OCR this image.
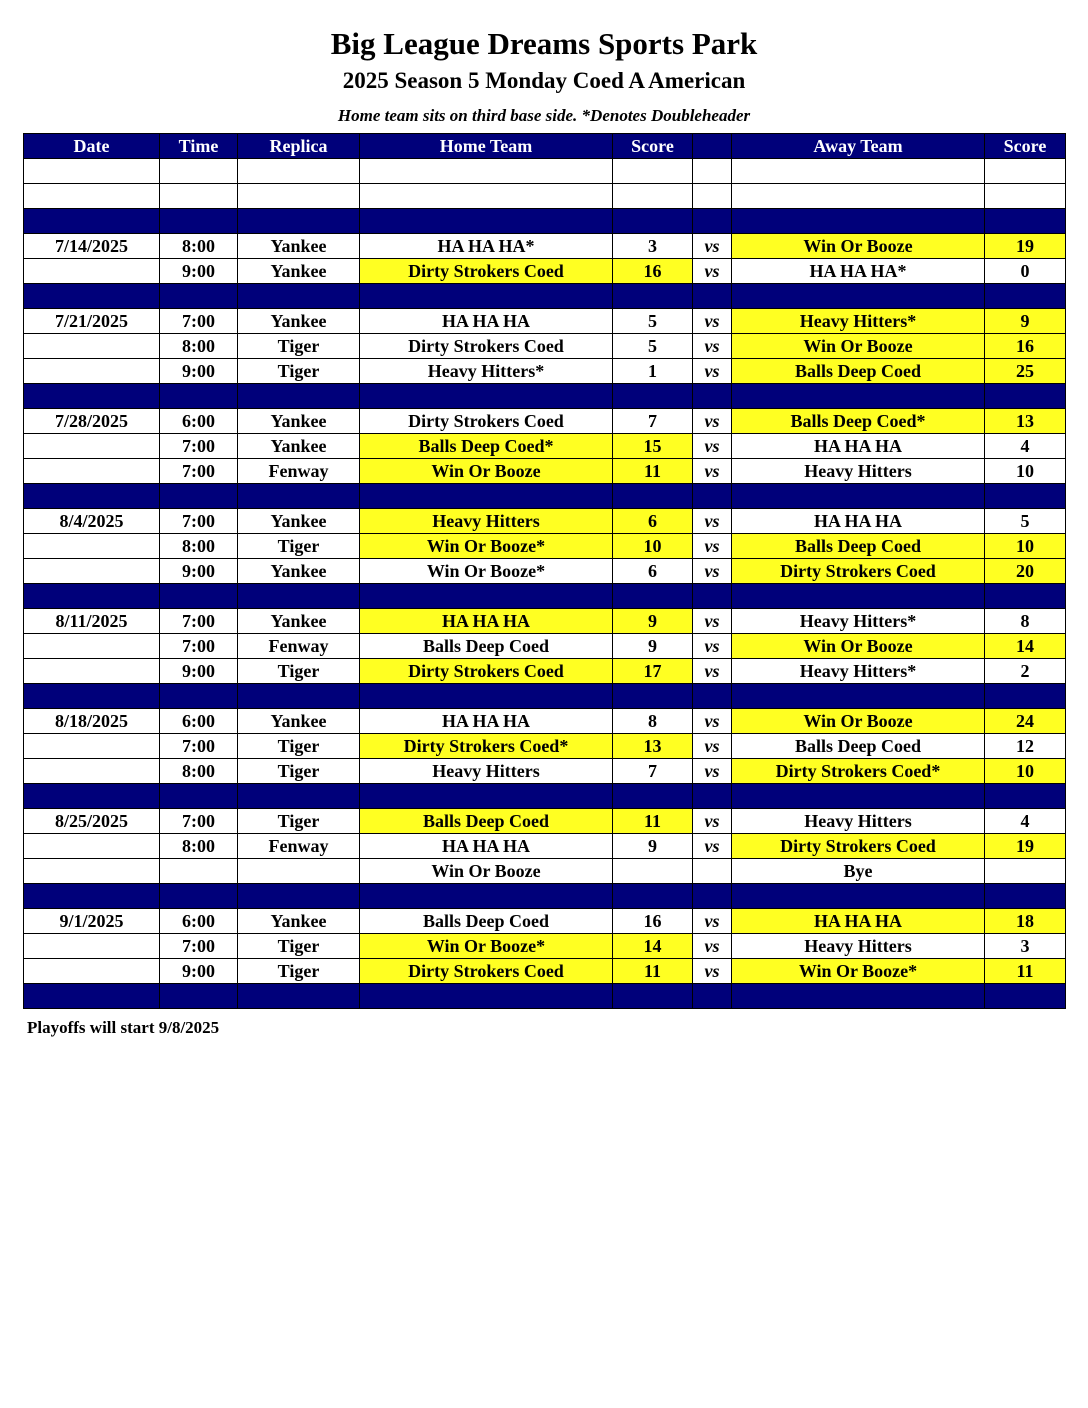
Big League Dreams Sports Park
2025 Season 5 Monday Coed A American
Home team sits on third base side. *Denotes Doubleheader
Date	Time	Replica	Home Team	Score		Away Team	Score

7/14/2025	8:00	Yankee	HA HA HA*	3	vs	Win Or Booze	19
	9:00	Yankee	Dirty Strokers Coed	16	vs	HA HA HA*	0

7/21/2025	7:00	Yankee	HA HA HA	5	vs	Heavy Hitters*	9
	8:00	Tiger	Dirty Strokers Coed	5	vs	Win Or Booze	16
	9:00	Tiger	Heavy Hitters*	1	vs	Balls Deep Coed	25

7/28/2025	6:00	Yankee	Dirty Strokers Coed	7	vs	Balls Deep Coed*	13
	7:00	Yankee	Balls Deep Coed*	15	vs	HA HA HA	4
	7:00	Fenway	Win Or Booze	11	vs	Heavy Hitters	10

8/4/2025	7:00	Yankee	Heavy Hitters	6	vs	HA HA HA	5
	8:00	Tiger	Win Or Booze*	10	vs	Balls Deep Coed	10
	9:00	Yankee	Win Or Booze*	6	vs	Dirty Strokers Coed	20

8/11/2025	7:00	Yankee	HA HA HA	9	vs	Heavy Hitters*	8
	7:00	Fenway	Balls Deep Coed	9	vs	Win Or Booze	14
	9:00	Tiger	Dirty Strokers Coed	17	vs	Heavy Hitters*	2

8/18/2025	6:00	Yankee	HA HA HA	8	vs	Win Or Booze	24
	7:00	Tiger	Dirty Strokers Coed*	13	vs	Balls Deep Coed	12
	8:00	Tiger	Heavy Hitters	7	vs	Dirty Strokers Coed*	10

8/25/2025	7:00	Tiger	Balls Deep Coed	11	vs	Heavy Hitters	4
	8:00	Fenway	HA HA HA	9	vs	Dirty Strokers Coed	19
			Win Or Booze			Bye	

9/1/2025	6:00	Yankee	Balls Deep Coed	16	vs	HA HA HA	18
	7:00	Tiger	Win Or Booze*	14	vs	Heavy Hitters	3
	9:00	Tiger	Dirty Strokers Coed	11	vs	Win Or Booze*	11

Playoffs will start 9/8/2025
